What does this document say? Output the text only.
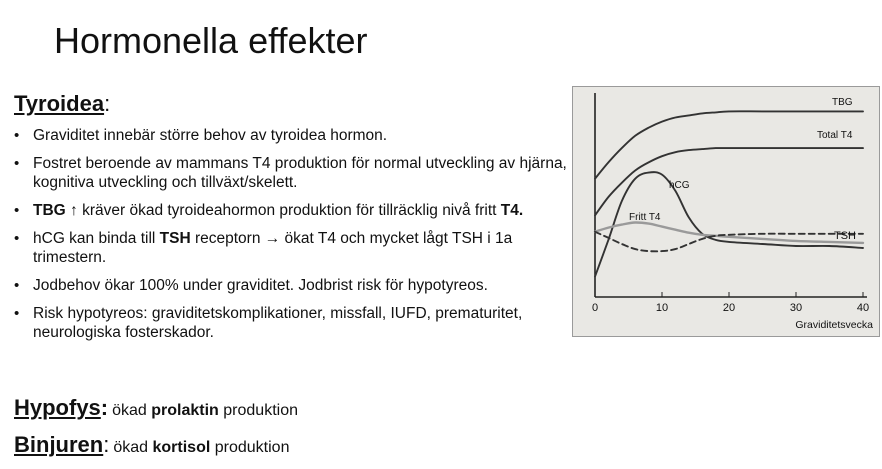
Hormonella effekter
Tyroidea:
• Graviditet innebär större behov av tyroidea hormon.
• Fostret beroende av mammans T4 produktion för normal utveckling av hjärna, kognitiva utveckling och tillväxt/skelett.
• TBG ↑ kräver ökad tyroideahormon produktion för tillräcklig nivå fritt T4.
• hCG kan binda till TSH receptorn → ökat T4 och mycket lågt TSH i 1a trimestern.
• Jodbehov ökar 100% under graviditet. Jodbrist risk för hypotyreos.
• Risk hypotyreos: graviditetskomplikationer, missfall, IUFD, prematuritet, neurologiska fosterskador.
Hypofys: ökad prolaktin produktion
Binjuren: ökad kortisol produktion
0	10	20	30	40
Graviditetsvecka
TBG
Total T4
hCG
Fritt T4
TSH
